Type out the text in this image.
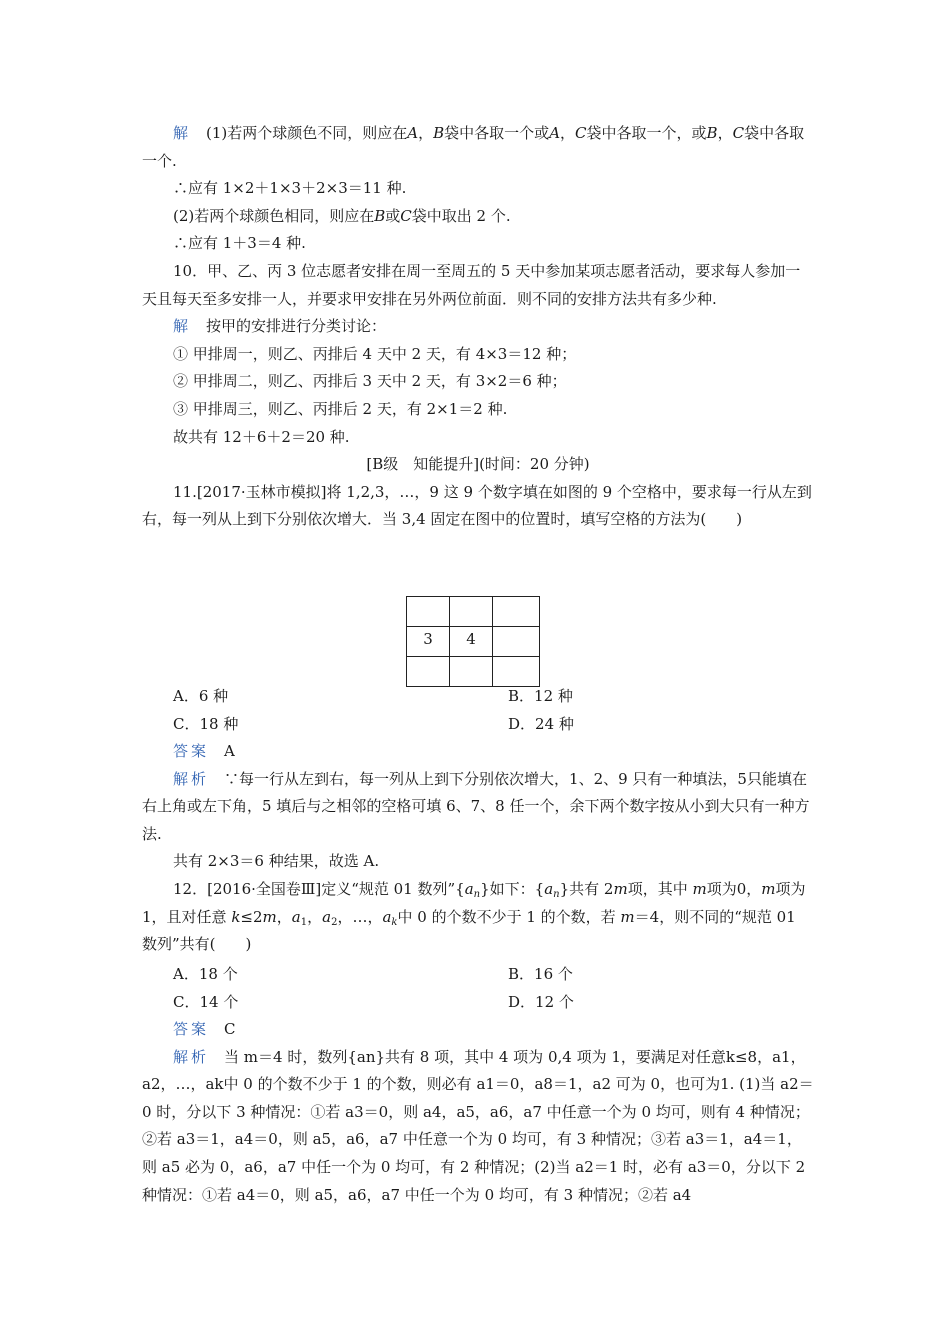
解　 (1)若两个球颜色不同，则应在A，B袋中各取一个或A，C袋中各取一个，或B，C袋中各取一个.

∴应有 1×2＋1×3＋2×3＝11 种.

(2)若两个球颜色相同，则应在B或C袋中取出 2 个.

∴应有 1＋3＝4 种.

10．甲、乙、丙 3 位志愿者安排在周一至周五的 5 天中参加某项志愿者活动，要求每人参加一天且每天至多安排一人，并要求甲安排在另外两位前面．则不同的安排方法共有多少种.

解　 按甲的安排进行分类讨论：

① 甲排周一，则乙、丙排后 4 天中 2 天，有 4×3＝12 种；

② 甲排周二，则乙、丙排后 3 天中 2 天，有 3×2＝6 种；

③ 甲排周三，则乙、丙排后 2 天，有 2×1＝2 种.

故共有 12＋6＋2＝20 种.

[B级　知能提升](时间：20 分钟)

11.[2017·玉林市模拟]将 1,2,3，…，9 这 9 个数字填在如图的 9 个空格中，要求每一行从左到右，每一列从上到下分别依次增大．当 3,4 固定在图中的位置时，填写空格的方法为(　　)

3	4	

A．6 种	B．12 种
C．18 种	D．24 种

答案　 A

解析　 ∵每一行从左到右，每一列从上到下分别依次增大，1、2、9 只有一种填法，5只能填在右上角或左下角，5 填后与之相邻的空格可填 6、7、8 任一个，余下两个数字按从小到大只有一种方法.

共有 2×3＝6 种结果，故选 A.

12．[2016·全国卷Ⅲ]定义“规范 01 数列$”\{a_n\}$如下：$\{a_n\}$共有 2m项，其中 m项为0，m项为 1，且对任意 k≤2m，$a_1$，$a_2$，…，$a_k$中 0 的个数不少于 1 的个数，若 m＝4，则不同的“规范 01 数列”共有(　　)

A．18 个	B．16 个
C．14 个	D．12 个

答案　 C

解析　 当 m＝4 时，数列{an}共有 8 项，其中 4 项为 0,4 项为 1，要满足对任意k≤8，a1，a2，…，ak中 0 的个数不少于 1 的个数，则必有 a1＝0，a8＝1，a2 可为 0，也可为1. (1)当 a2＝0 时，分以下 3 种情况：①若 a3＝0，则 a4，a5，a6，a7 中任意一个为 0 均可，则有 4 种情况；②若 a3＝1，a4＝0，则 a5，a6，a7 中任意一个为 0 均可，有 3 种情况；③若 a3＝1，a4＝1，则 a5 必为 0，a6，a7 中任一个为 0 均可，有 2 种情况；(2)当 a2＝1 时，必有 a3＝0，分以下 2 种情况：①若 a4＝0，则 a5，a6，a7 中任一个为 0 均可，有 3 种情况；②若 a4
